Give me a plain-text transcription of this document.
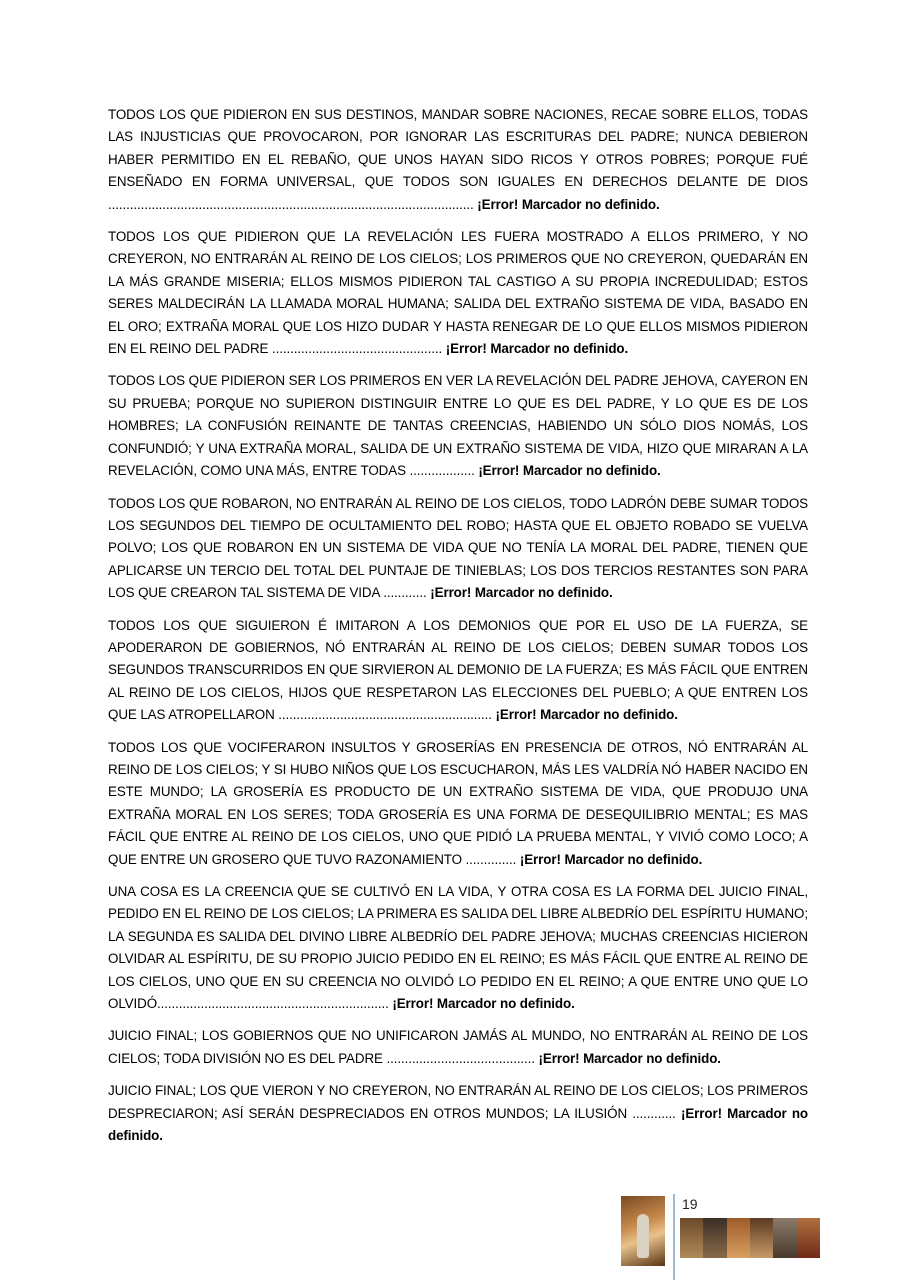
TODOS LOS QUE PIDIERON EN SUS DESTINOS, MANDAR SOBRE NACIONES, RECAE SOBRE ELLOS, TODAS LAS INJUSTICIAS QUE PROVOCARON, POR IGNORAR LAS ESCRITURAS DEL PADRE; NUNCA DEBIERON HABER PERMITIDO EN EL REBAÑO, QUE UNOS HAYAN SIDO RICOS Y OTROS POBRES; PORQUE FUÉ ENSEÑADO EN FORMA UNIVERSAL, QUE TODOS SON IGUALES EN DERECHOS DELANTE DE DIOS ..................................................................................................... ¡Error! Marcador no definido.

TODOS LOS QUE PIDIERON QUE LA REVELACIÓN LES FUERA MOSTRADO A ELLOS PRIMERO, Y NO CREYERON, NO ENTRARÁN AL REINO DE LOS CIELOS; LOS PRIMEROS QUE NO CREYERON, QUEDARÁN EN LA MÁS GRANDE MISERIA; ELLOS MISMOS PIDIERON TAL CASTIGO A SU PROPIA INCREDULIDAD; ESTOS SERES MALDECIRÁN LA LLAMADA MORAL HUMANA; SALIDA DEL EXTRAÑO SISTEMA DE VIDA, BASADO EN EL ORO; EXTRAÑA MORAL QUE LOS HIZO DUDAR Y HASTA RENEGAR DE LO QUE ELLOS MISMOS PIDIERON EN EL REINO DEL PADRE ............................................... ¡Error! Marcador no definido.

TODOS LOS QUE PIDIERON SER LOS PRIMEROS EN VER LA REVELACIÓN DEL PADRE JEHOVA, CAYERON EN SU PRUEBA; PORQUE NO SUPIERON DISTINGUIR ENTRE LO QUE ES DEL PADRE, Y LO QUE ES DE LOS HOMBRES; LA CONFUSIÓN REINANTE DE TANTAS CREENCIAS, HABIENDO UN SÓLO DIOS NOMÁS, LOS CONFUNDIÓ; Y UNA EXTRAÑA MORAL, SALIDA DE UN EXTRAÑO SISTEMA DE VIDA, HIZO QUE MIRARAN A LA REVELACIÓN, COMO UNA MÁS, ENTRE TODAS .................. ¡Error! Marcador no definido.

TODOS LOS QUE ROBARON, NO ENTRARÁN AL REINO DE LOS CIELOS, TODO LADRÓN DEBE SUMAR TODOS LOS SEGUNDOS DEL TIEMPO DE OCULTAMIENTO DEL ROBO; HASTA QUE EL OBJETO ROBADO SE VUELVA POLVO; LOS QUE ROBARON EN UN SISTEMA DE VIDA QUE NO TENÍA LA MORAL DEL PADRE, TIENEN QUE APLICARSE UN TERCIO DEL TOTAL DEL PUNTAJE DE TINIEBLAS; LOS DOS TERCIOS RESTANTES SON PARA LOS QUE CREARON TAL SISTEMA DE VIDA ............ ¡Error! Marcador no definido.

TODOS LOS QUE SIGUIERON É IMITARON A LOS DEMONIOS QUE POR EL USO DE LA FUERZA, SE APODERARON DE GOBIERNOS, NÓ ENTRARÁN AL REINO DE LOS CIELOS; DEBEN SUMAR TODOS LOS SEGUNDOS TRANSCURRIDOS EN QUE SIRVIERON AL DEMONIO DE LA FUERZA; ES MÁS FÁCIL QUE ENTREN AL REINO DE LOS CIELOS, HIJOS QUE RESPETARON LAS ELECCIONES DEL PUEBLO; A QUE ENTREN LOS QUE LAS ATROPELLARON ........................................................... ¡Error! Marcador no definido.

TODOS LOS QUE VOCIFERARON INSULTOS Y GROSERÍAS EN PRESENCIA DE OTROS, NÓ ENTRARÁN AL REINO DE LOS CIELOS; Y SI HUBO NIÑOS QUE LOS ESCUCHARON, MÁS LES VALDRÍA NÓ HABER NACIDO EN ESTE MUNDO; LA GROSERÍA ES PRODUCTO DE UN EXTRAÑO SISTEMA DE VIDA, QUE PRODUJO UNA EXTRAÑA MORAL EN LOS SERES; TODA GROSERÍA ES UNA FORMA DE DESEQUILIBRIO MENTAL; ES MAS FÁCIL QUE ENTRE AL REINO DE LOS CIELOS, UNO QUE PIDIÓ LA PRUEBA MENTAL, Y VIVIÓ COMO LOCO; A QUE ENTRE UN GROSERO QUE TUVO RAZONAMIENTO .............. ¡Error! Marcador no definido.

UNA COSA ES LA CREENCIA QUE SE CULTIVÓ EN LA VIDA, Y OTRA COSA ES LA FORMA DEL JUICIO FINAL, PEDIDO EN EL REINO DE LOS CIELOS; LA PRIMERA ES SALIDA DEL LIBRE ALBEDRÍO DEL ESPÍRITU HUMANO; LA SEGUNDA ES SALIDA DEL DIVINO LIBRE ALBEDRÍO DEL PADRE JEHOVA; MUCHAS CREENCIAS HICIERON OLVIDAR AL ESPÍRITU, DE SU PROPIO JUICIO PEDIDO EN EL REINO; ES MÁS FÁCIL QUE ENTRE AL REINO DE LOS CIELOS, UNO QUE EN SU CREENCIA NO OLVIDÓ LO PEDIDO EN EL REINO; A QUE ENTRE UNO QUE LO OLVIDÓ................................................................ ¡Error! Marcador no definido.

JUICIO FINAL; LOS GOBIERNOS QUE NO UNIFICARON JAMÁS AL MUNDO, NO ENTRARÁN AL REINO DE LOS CIELOS; TODA DIVISIÓN NO ES DEL PADRE ......................................... ¡Error! Marcador no definido.

JUICIO FINAL; LOS QUE VIERON Y NO CREYERON, NO ENTRARÁN AL REINO DE LOS CIELOS; LOS PRIMEROS DESPRECIARON; ASÍ SERÁN DESPRECIADOS EN OTROS MUNDOS; LA ILUSIÓN ............ ¡Error! Marcador no definido.

19
